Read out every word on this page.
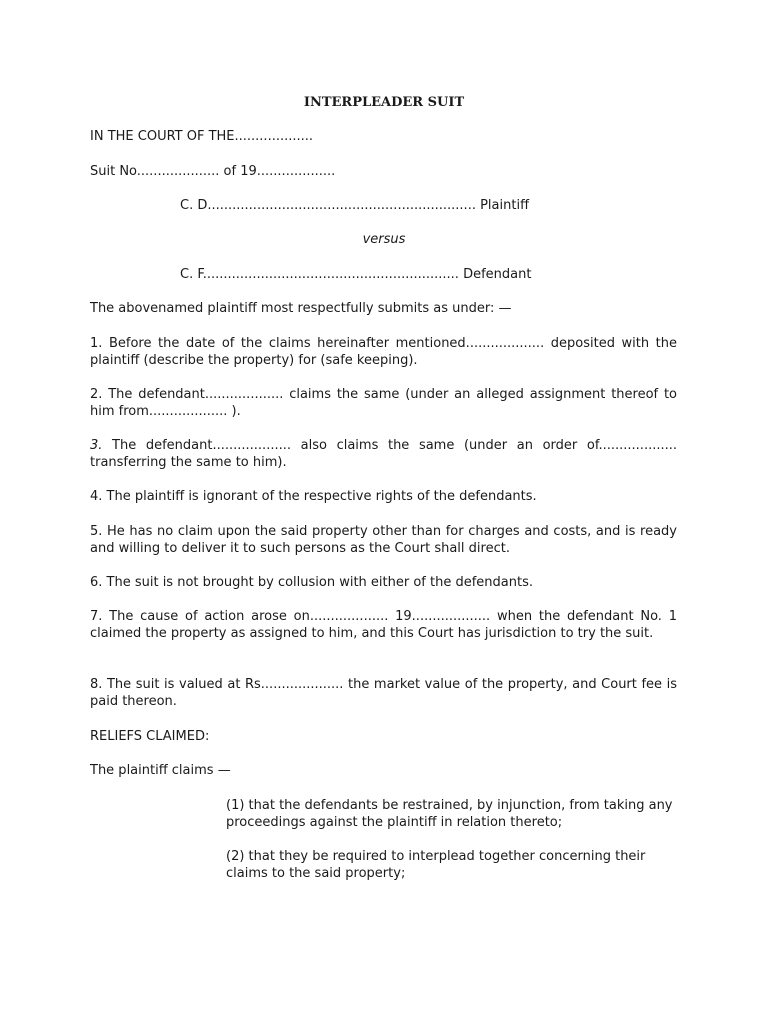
INTERPLEADER SUIT
IN THE COURT OF THE...................
Suit No.................... of 19...................
C. D................................................................. Plaintiff
versus
C. F.............................................................. Defendant
The abovenamed plaintiff most respectfully submits as under: —
1. Before the date of the claims hereinafter mentioned................... deposited with the plaintiff (describe the property) for (safe keeping).
2. The defendant................... claims the same (under an alleged assignment thereof to him from................... ).
3. The defendant................... also claims the same (under an order of................... transferring the same to him).
4. The plaintiff is ignorant of the respective rights of the defendants.
5. He has no claim upon the said property other than for charges and costs, and is ready and willing to deliver it to such persons as the Court shall direct.
6. The suit is not brought by collusion with either of the defendants.
7. The cause of action arose on................... 19................... when the defendant No. 1 claimed the property as assigned to him, and this Court has jurisdiction to try the suit.
8. The suit is valued at Rs.................... the market value of the property, and Court fee is paid thereon.
RELIEFS CLAIMED:
The plaintiff claims —
(1) that the defendants be restrained, by injunction, from taking any proceedings against the plaintiff in relation thereto;
(2) that they be required to interplead together concerning their claims to the said property;
